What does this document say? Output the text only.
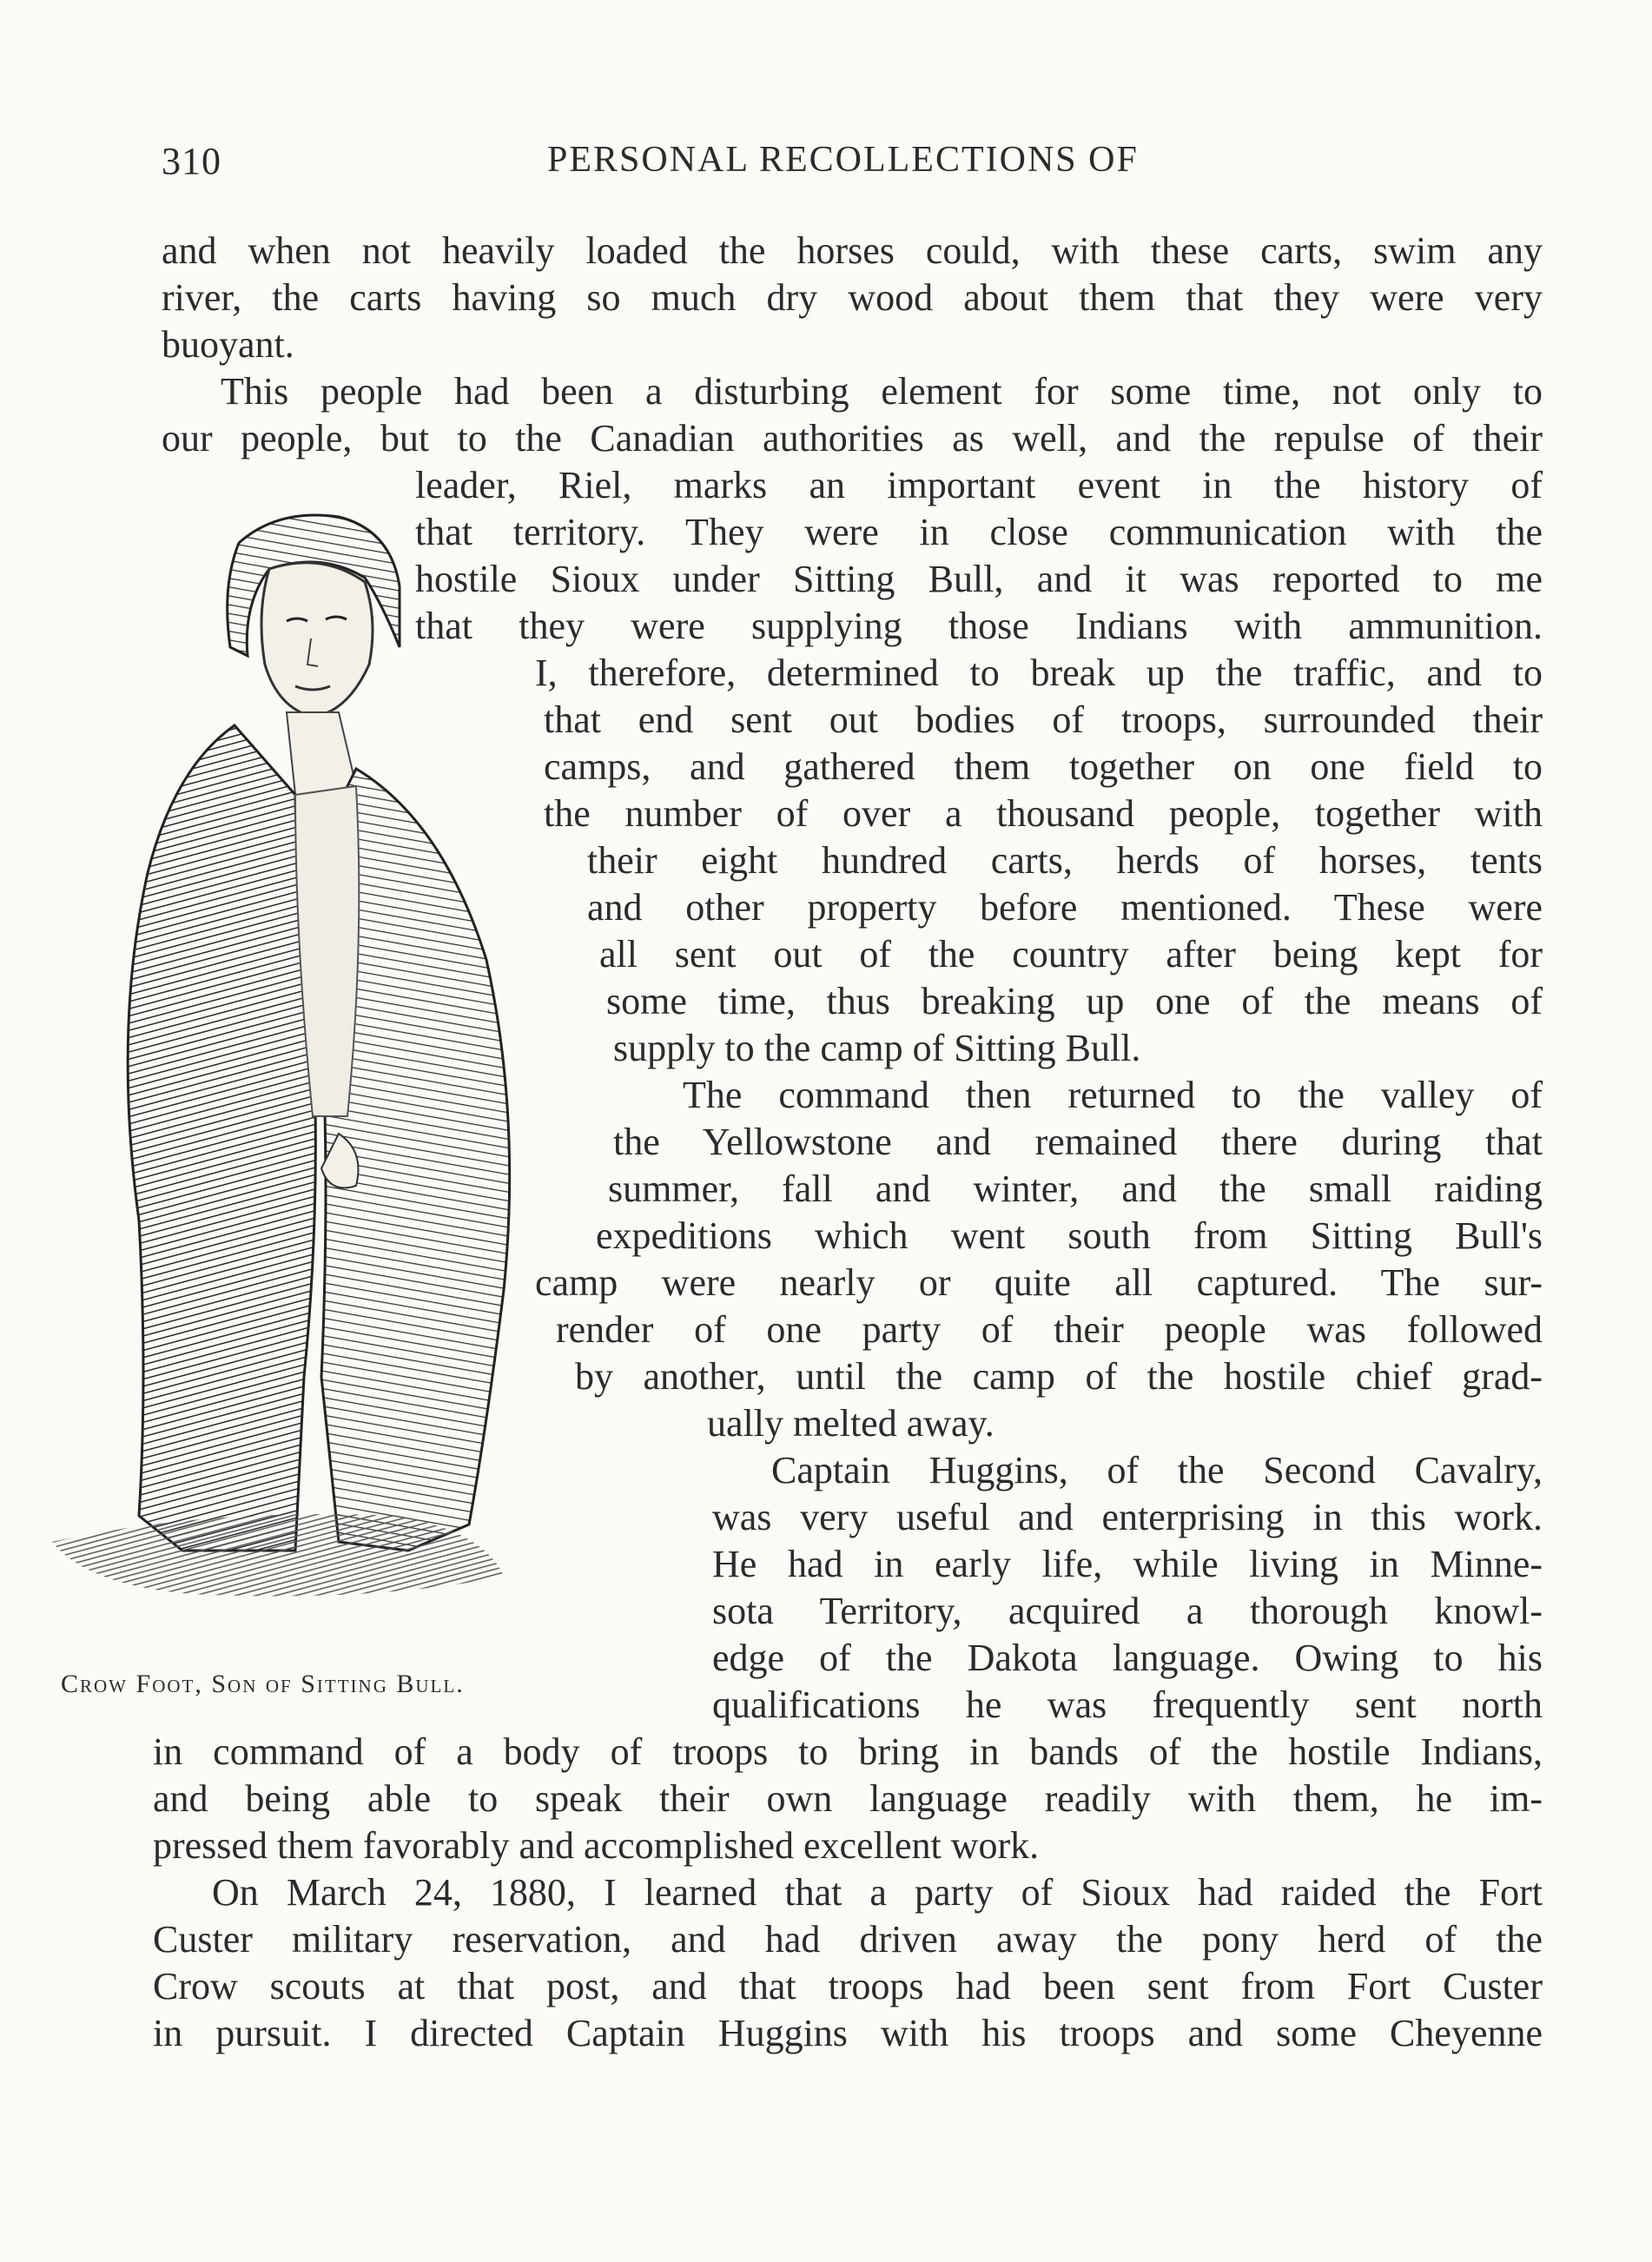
310	PERSONAL RECOLLECTIONS OF
and when not heavily loaded the horses could, with these carts, swim any
river, the carts having so much dry wood about them that they were very
buoyant.
This people had been a disturbing element for some time, not only to
our people, but to the Canadian authorities as well, and the repulse of their
leader, Riel, marks an important event in the history of
that territory. They were in close communication with the
hostile Sioux under Sitting Bull, and it was reported to me
that they were supplying those Indians with ammunition.
I, therefore, determined to break up the traffic, and to
that end sent out bodies of troops, surrounded their
camps, and gathered them together on one field to
the number of over a thousand people, together with
their eight hundred carts, herds of horses, tents
and other property before mentioned. These were
all sent out of the country after being kept for
some time, thus breaking up one of the means of
supply to the camp of Sitting Bull.
The command then returned to the valley of
the Yellowstone and remained there during that
summer, fall and winter, and the small raiding
expeditions which went south from Sitting Bull's
camp were nearly or quite all captured. The sur-
render of one party of their people was followed
by another, until the camp of the hostile chief grad-
ually melted away.
Captain Huggins, of the Second Cavalry,
was very useful and enterprising in this work.
He had in early life, while living in Minne-
sota Territory, acquired a thorough knowl-
edge of the Dakota language. Owing to his
qualifications he was frequently sent north
in command of a body of troops to bring in bands of the hostile Indians,
and being able to speak their own language readily with them, he im-
pressed them favorably and accomplished excellent work.
On March 24, 1880, I learned that a party of Sioux had raided the Fort
Custer military reservation, and had driven away the pony herd of the
Crow scouts at that post, and that troops had been sent from Fort Custer
in pursuit. I directed Captain Huggins with his troops and some Cheyenne
Crow Foot, Son of Sitting Bull.
